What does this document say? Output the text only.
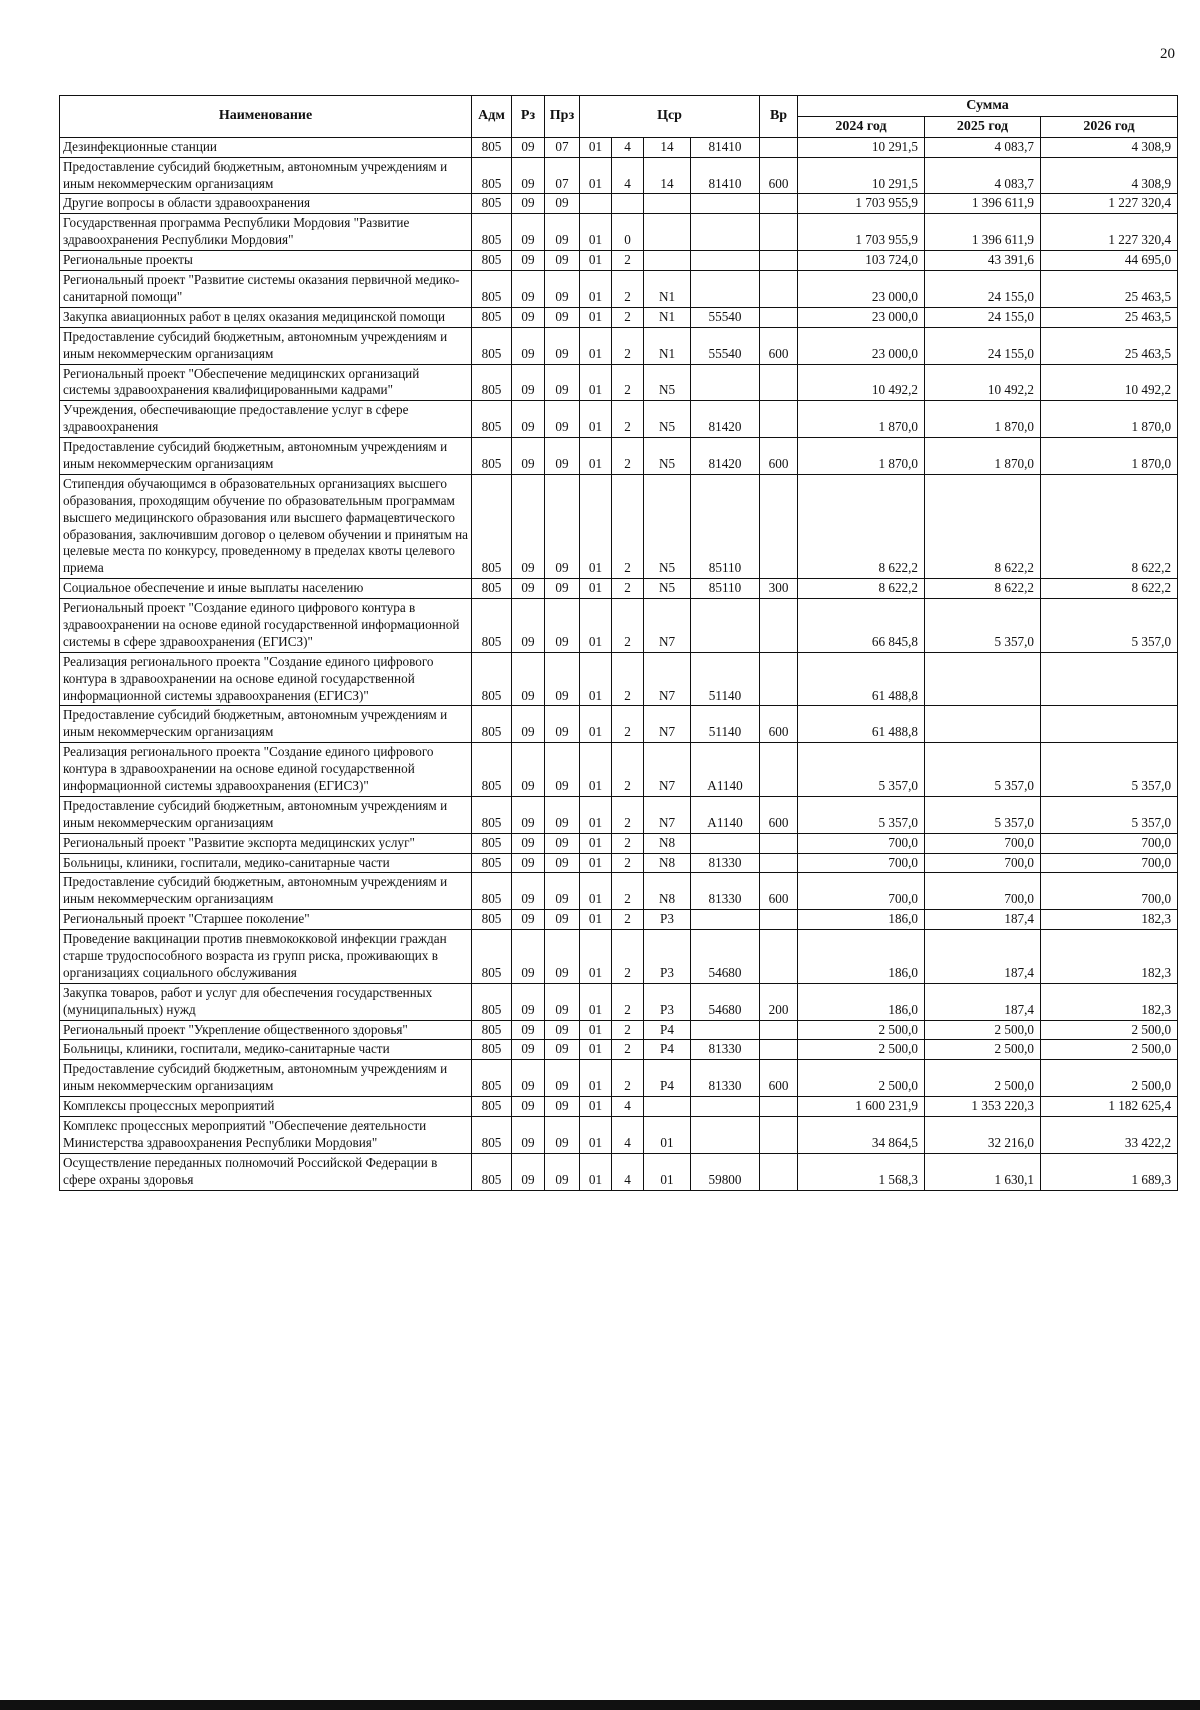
20
Наименование	Адм	Рз	Прз	Цср				Вр	Сумма		
									2024 год	2025 год	2026 год
Дезинфекционные станции	805	09	07	01	4	14	81410		10 291,5	4 083,7	4 308,9
Предоставление субсидий бюджетным, автономным учреждениям и иным некоммерческим организациям	805	09	07	01	4	14	81410	600	10 291,5	4 083,7	4 308,9
Другие вопросы в области здравоохранения	805	09	09						1 703 955,9	1 396 611,9	1 227 320,4
Государственная программа Республики Мордовия "Развитие здравоохранения Республики Мордовия"	805	09	09	01	0				1 703 955,9	1 396 611,9	1 227 320,4
Региональные проекты	805	09	09	01	2				103 724,0	43 391,6	44 695,0
Региональный проект "Развитие системы оказания первичной медико-санитарной помощи"	805	09	09	01	2	N1			23 000,0	24 155,0	25 463,5
Закупка авиационных работ в целях оказания медицинской помощи	805	09	09	01	2	N1	55540		23 000,0	24 155,0	25 463,5
Предоставление субсидий бюджетным, автономным учреждениям и иным некоммерческим организациям	805	09	09	01	2	N1	55540	600	23 000,0	24 155,0	25 463,5
Региональный проект "Обеспечение медицинских организаций системы здравоохранения квалифицированными кадрами"	805	09	09	01	2	N5			10 492,2	10 492,2	10 492,2
Учреждения, обеспечивающие предоставление услуг в сфере здравоохранения	805	09	09	01	2	N5	81420		1 870,0	1 870,0	1 870,0
Предоставление субсидий бюджетным, автономным учреждениям и иным некоммерческим организациям	805	09	09	01	2	N5	81420	600	1 870,0	1 870,0	1 870,0
Стипендия обучающимся в образовательных организациях высшего образования, проходящим обучение по образовательным программам высшего медицинского образования или высшего фармацевтического образования, заключившим договор о целевом обучении и принятым на целевые места по конкурсу, проведенному в пределах квоты целевого приема	805	09	09	01	2	N5	85110		8 622,2	8 622,2	8 622,2
Социальное обеспечение и иные выплаты населению	805	09	09	01	2	N5	85110	300	8 622,2	8 622,2	8 622,2
Региональный проект "Создание единого цифрового контура в здравоохранении на основе единой государственной информационной системы в сфере здравоохранения (ЕГИСЗ)"	805	09	09	01	2	N7			66 845,8	5 357,0	5 357,0
Реализация регионального проекта "Создание единого цифрового контура в здравоохранении на основе единой государственной информационной системы здравоохранения (ЕГИСЗ)"	805	09	09	01	2	N7	51140		61 488,8		
Предоставление субсидий бюджетным, автономным учреждениям и иным некоммерческим организациям	805	09	09	01	2	N7	51140	600	61 488,8		
Реализация регионального проекта "Создание единого цифрового контура в здравоохранении на основе единой государственной информационной системы здравоохранения (ЕГИСЗ)"	805	09	09	01	2	N7	A1140		5 357,0	5 357,0	5 357,0
Предоставление субсидий бюджетным, автономным учреждениям и иным некоммерческим организациям	805	09	09	01	2	N7	A1140	600	5 357,0	5 357,0	5 357,0
Региональный проект "Развитие экспорта медицинских услуг"	805	09	09	01	2	N8			700,0	700,0	700,0
Больницы, клиники, госпитали, медико-санитарные части	805	09	09	01	2	N8	81330		700,0	700,0	700,0
Предоставление субсидий бюджетным, автономным учреждениям и иным некоммерческим организациям	805	09	09	01	2	N8	81330	600	700,0	700,0	700,0
Региональный проект "Старшее поколение"	805	09	09	01	2	P3			186,0	187,4	182,3
Проведение вакцинации против пневмококковой инфекции граждан старше трудоспособного возраста из групп риска, проживающих в организациях социального обслуживания	805	09	09	01	2	P3	54680		186,0	187,4	182,3
Закупка товаров, работ и услуг для обеспечения государственных (муниципальных) нужд	805	09	09	01	2	P3	54680	200	186,0	187,4	182,3
Региональный проект "Укрепление общественного здоровья"	805	09	09	01	2	P4			2 500,0	2 500,0	2 500,0
Больницы, клиники, госпитали, медико-санитарные части	805	09	09	01	2	P4	81330		2 500,0	2 500,0	2 500,0
Предоставление субсидий бюджетным, автономным учреждениям и иным некоммерческим организациям	805	09	09	01	2	P4	81330	600	2 500,0	2 500,0	2 500,0
Комплексы процессных мероприятий	805	09	09	01	4				1 600 231,9	1 353 220,3	1 182 625,4
Комплекс процессных мероприятий "Обеспечение деятельности Министерства здравоохранения Республики Мордовия"	805	09	09	01	4	01			34 864,5	32 216,0	33 422,2
Осуществление переданных полномочий Российской Федерации в сфере охраны здоровья	805	09	09	01	4	01	59800		1 568,3	1 630,1	1 689,3
